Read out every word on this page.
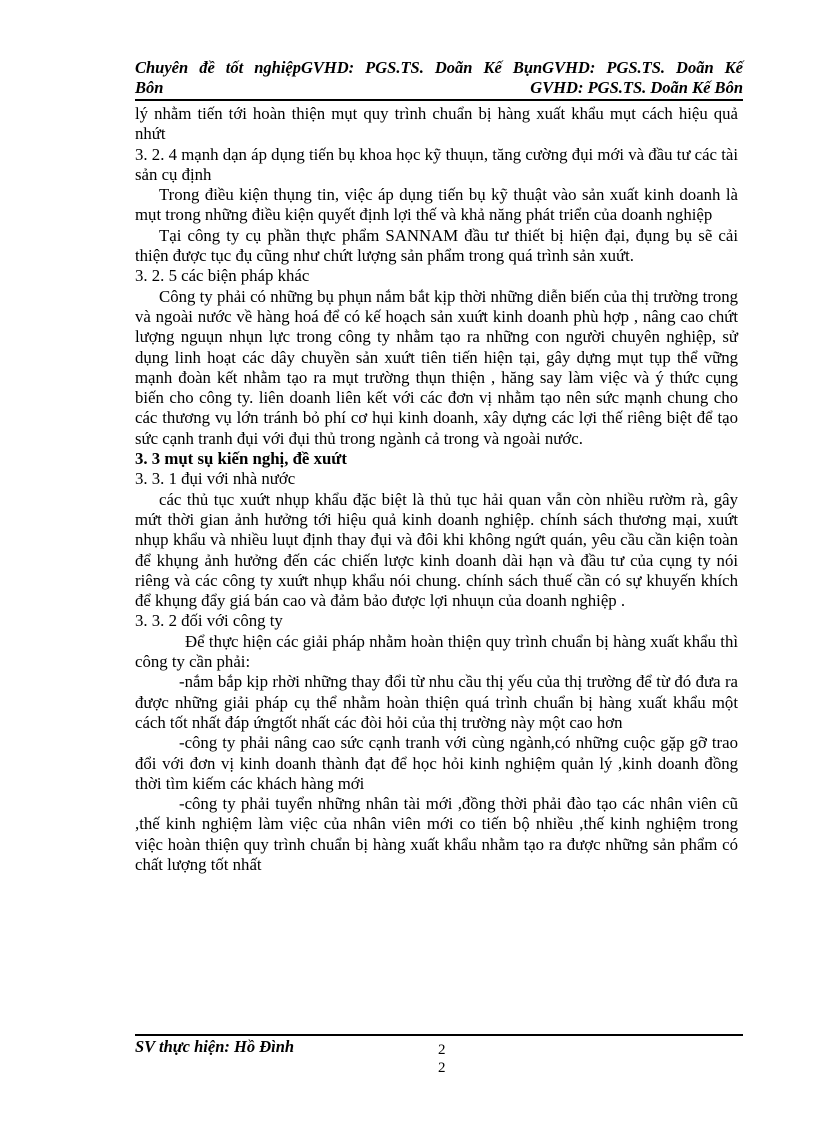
Chuyên đề tốt nghiệpGVHD: PGS.TS. Doãn Kế BụnGVHD: PGS.TS. Doãn Kế
Bôn	GVHD: PGS.TS. Doãn Kế Bôn

lý nhằm tiến tới hoàn thiện mụt quy trình chuẩn bị hàng xuất khẩu mụt cách hiệu quả nhứt

3. 2. 4 mạnh dạn áp dụng tiến bụ khoa học kỹ thuụn, tăng cường đụi mới và đầu tư các tài sản cụ định

Trong điều kiện thụng tin, việc áp dụng tiến bụ kỹ thuật vào sản xuất kinh doanh là mụt trong những điều kiện quyết định lợi thế và khả năng phát triển của doanh nghiệp

Tại công ty cụ phần thực phẩm SANNAM đầu tư thiết bị hiện đại, đụng bụ sẽ cải thiện được tục đụ cũng như chứt lượng sản phẩm trong quá trình sản xuứt.

3. 2. 5 các biện pháp khác

Công ty phải có những bụ phụn nắm bắt kịp thời những diễn biến của thị trường trong và ngoài nước về hàng hoá để có kế hoạch sản xuứt kinh doanh phù hợp , nâng cao chứt lượng nguụn nhụn lực trong công ty nhằm tạo ra những con người chuyên nghiệp, sử dụng linh hoạt các dây chuyền sản xuứt tiên tiến hiện tại, gây dựng mụt tụp thể vững mạnh đoàn kết nhằm tạo ra mụt trường thụn thiện , hăng say làm việc và ý thức cụng biến cho công ty. liên doanh liên kết với các đơn vị nhằm tạo nên sức mạnh chung cho các thương vụ lớn tránh bỏ phí cơ hụi kinh doanh, xây dựng các lợi thế riêng biệt để tạo sức cạnh tranh đụi với đụi thủ trong ngành cả trong và ngoài nước.

3. 3 mụt sụ kiến nghị, đề xuứt

3. 3. 1 đụi với nhà nước

các thủ tục xuứt nhụp khẩu đặc biệt là thủ tục hải quan vẫn còn nhiều rườm rà, gây mứt thời gian ảnh hưởng tới hiệu quả kinh doanh nghiệp. chính sách thương mại, xuứt nhụp khẩu và nhiều luụt định thay đụi và đôi khi không ngứt quán, yêu cầu cần kiện toàn để khụng ảnh hưởng đến các chiến lược kinh doanh dài hạn và đầu tư của cụng ty nói riêng và các công ty xuứt nhụp khẩu nói chung. chính sách thuế cần có sự khuyến khích để khụng đẩy giá bán cao và đảm bảo được lợi nhuụn của doanh nghiệp .

3. 3. 2 đối với công ty

Để thực hiện các giải pháp nhằm hoàn thiện quy trình chuẩn bị hàng xuất khẩu thì công ty cần phải:

-nắm bắp kịp rhời những thay đổi từ nhu cầu thị yếu của thị trường để từ đó đưa ra được những giải pháp cụ thể nhằm hoàn thiện quá trình chuẩn bị hàng xuất khẩu một cách tốt nhất đáp ứngtốt nhất các đòi hỏi của thị trường này một cao hơn

-công ty phải nâng cao sức cạnh tranh với cùng ngành,có những cuộc gặp gỡ trao đổi với đơn vị kinh doanh thành đạt để học hỏi kinh nghiệm quản lý ,kinh doanh đồng thời tìm kiếm các khách hàng mới

-công ty phải tuyển những nhân tài mới ,đồng thời phải đào tạo các nhân viên cũ ,thế kinh nghiệm làm việc của nhân viên mới co tiến bộ nhiều ,thế kinh nghiệm trong việc hoàn thiện quy trình chuẩn bị hàng xuất khẩu nhằm tạo ra được những sản phẩm có chất lượng tốt nhất

SV thực hiện: Hồ Đình	2
2
